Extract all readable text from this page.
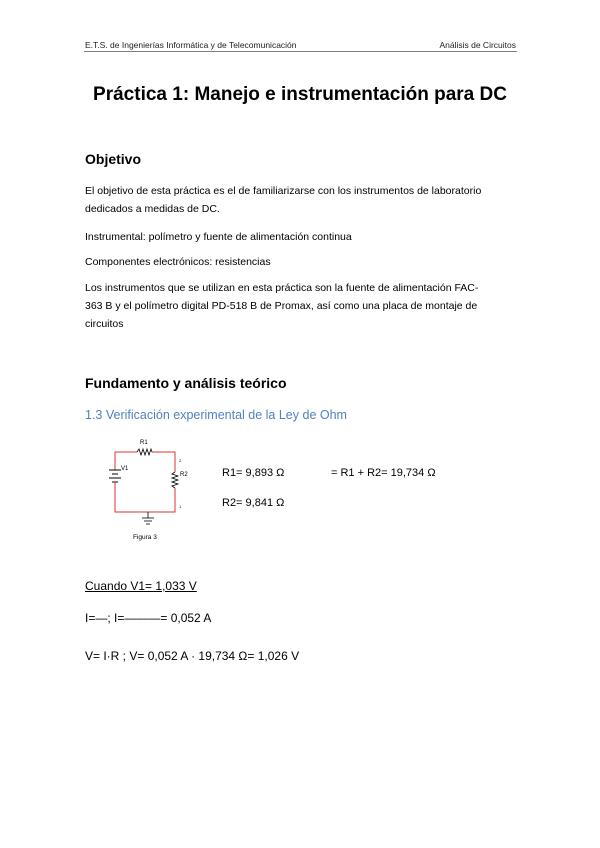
E.T.S. de Ingenierías Informática y de Telecomunicación	Análisis de Circuitos
Práctica 1: Manejo e instrumentación para DC
Objetivo
El objetivo de esta práctica es el de familiarizarse con los instrumentos de laboratorio
dedicados a medidas de DC.
Instrumental: polímetro y fuente de alimentación continua
Componentes electrónicos: resistencias
Los instrumentos que se utilizan en esta práctica son la fuente de alimentación FAC-
363 B y el polímetro digital PD-518 B de Promax, así como una placa de montaje de
circuitos
Fundamento y análisis teórico
1.3 Verificación experimental de la Ley de Ohm
R1
R2
V1
2
1
Figura 3
R1= 9,893 Ω	= R1 + R2= 19,734 Ω
R2= 9,841 Ω
Cuando V1= 1,033 V
I=—; I=———= 0,052 A
V= I·R ; V= 0,052 A · 19,734 Ω= 1,026 V
